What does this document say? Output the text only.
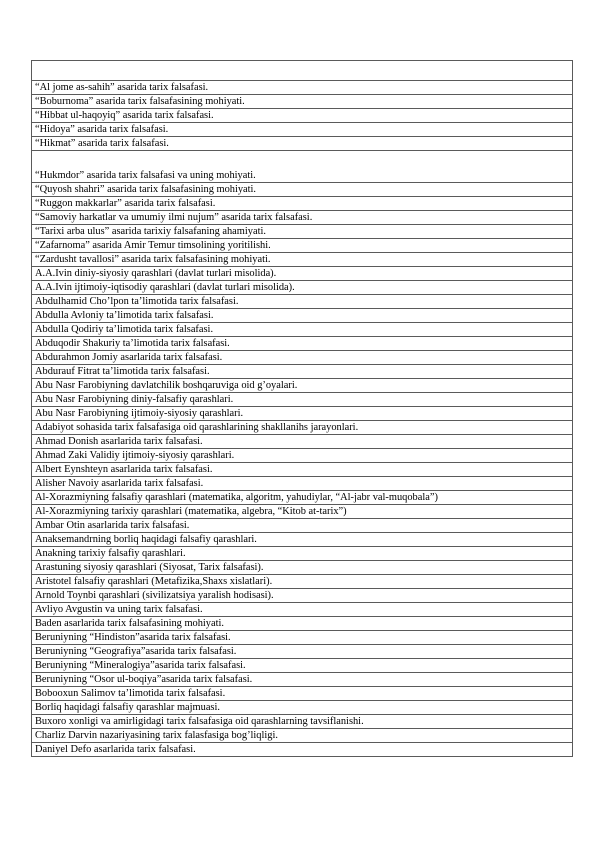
“Al jome as-sahih” asarida tarix falsafasi.
“Boburnoma” asarida tarix falsafasining mohiyati.
“Hibbat ul-haqoyiq” asarida tarix falsafasi.
“Hidoya” asarida tarix falsafasi.
“Hikmat” asarida tarix falsafasi.
“Hukmdor” asarida tarix falsafasi va uning mohiyati.
“Quyosh shahri” asarida tarix falsafasining mohiyati.
“Ruggon makkarlar” asarida tarix falsafasi.
“Samoviy harkatlar va umumiy ilmi nujum” asarida tarix falsafasi.
“Tarixi arba ulus” asarida tarixiy falsafaning ahamiyati.
“Zafarnoma” asarida Amir Temur timsolining yoritilishi.
“Zardusht tavallosi” asarida tarix falsafasining mohiyati.
A.A.Ivin diniy-siyosiy qarashlari (davlat turlari misolida).
A.A.Ivin ijtimoiy-iqtisodiy qarashlari (davlat turlari misolida).
Abdulhamid Cho’lpon ta’limotida tarix falsafasi.
Abdulla Avloniy ta’limotida tarix falsafasi.
Abdulla Qodiriy ta’limotida tarix falsafasi.
Abduqodir Shakuriy ta’limotida tarix falsafasi.
Abdurahmon Jomiy asarlarida tarix falsafasi.
Abdurauf Fitrat ta’limotida tarix falsafasi.
Abu Nasr Farobiyning davlatchilik boshqaruviga oid g’oyalari.
Abu Nasr Farobiyning diniy-falsafiy qarashlari.
Abu Nasr Farobiyning ijtimoiy-siyosiy qarashlari.
Adabiyot sohasida tarix falsafasiga oid qarashlarining shakllanihs jarayonlari.
Ahmad Donish asarlarida tarix falsafasi.
Ahmad Zaki Validiy ijtimoiy-siyosiy qarashlari.
Albert Eynshteyn asarlarida tarix falsafasi.
Alisher Navoiy asarlarida tarix falsafasi.
Al-Xorazmiyning falsafiy qarashlari (matematika, algoritm, yahudiylar, “Al-jabr val-muqobala”)
Al-Xorazmiyning tarixiy qarashlari (matematika, algebra, “Kitob at-tarix”)
Ambar Otin asarlarida tarix falsafasi.
Anaksemandrning borliq haqidagi falsafiy qarashlari.
Anakning tarixiy falsafiy qarashlari.
Arastuning siyosiy qarashlari (Siyosat, Tarix falsafasi).
Aristotel falsafiy qarashlari (Metafizika,Shaxs xislatlari).
Arnold Toynbi qarashlari (sivilizatsiya yaralish hodisasi).
Avliyo Avgustin va uning tarix falsafasi.
Baden asarlarida tarix falsafasining mohiyati.
Beruniyning “Hindiston”asarida tarix falsafasi.
Beruniyning “Geografiya”asarida tarix falsafasi.
Beruniyning “Mineralogiya”asarida tarix falsafasi.
Beruniyning “Osor ul-boqiya”asarida tarix falsafasi.
Bobooxun Salimov ta’limotida tarix falsafasi.
Borliq haqidagi falsafiy qarashlar majmuasi.
Buxoro xonligi va amirligidagi tarix falsafasiga oid qarashlarning tavsiflanishi.
Charliz Darvin nazariyasining tarix falasfasiga bog’liqligi.
Daniyel Defo asarlarida tarix falsafasi.
